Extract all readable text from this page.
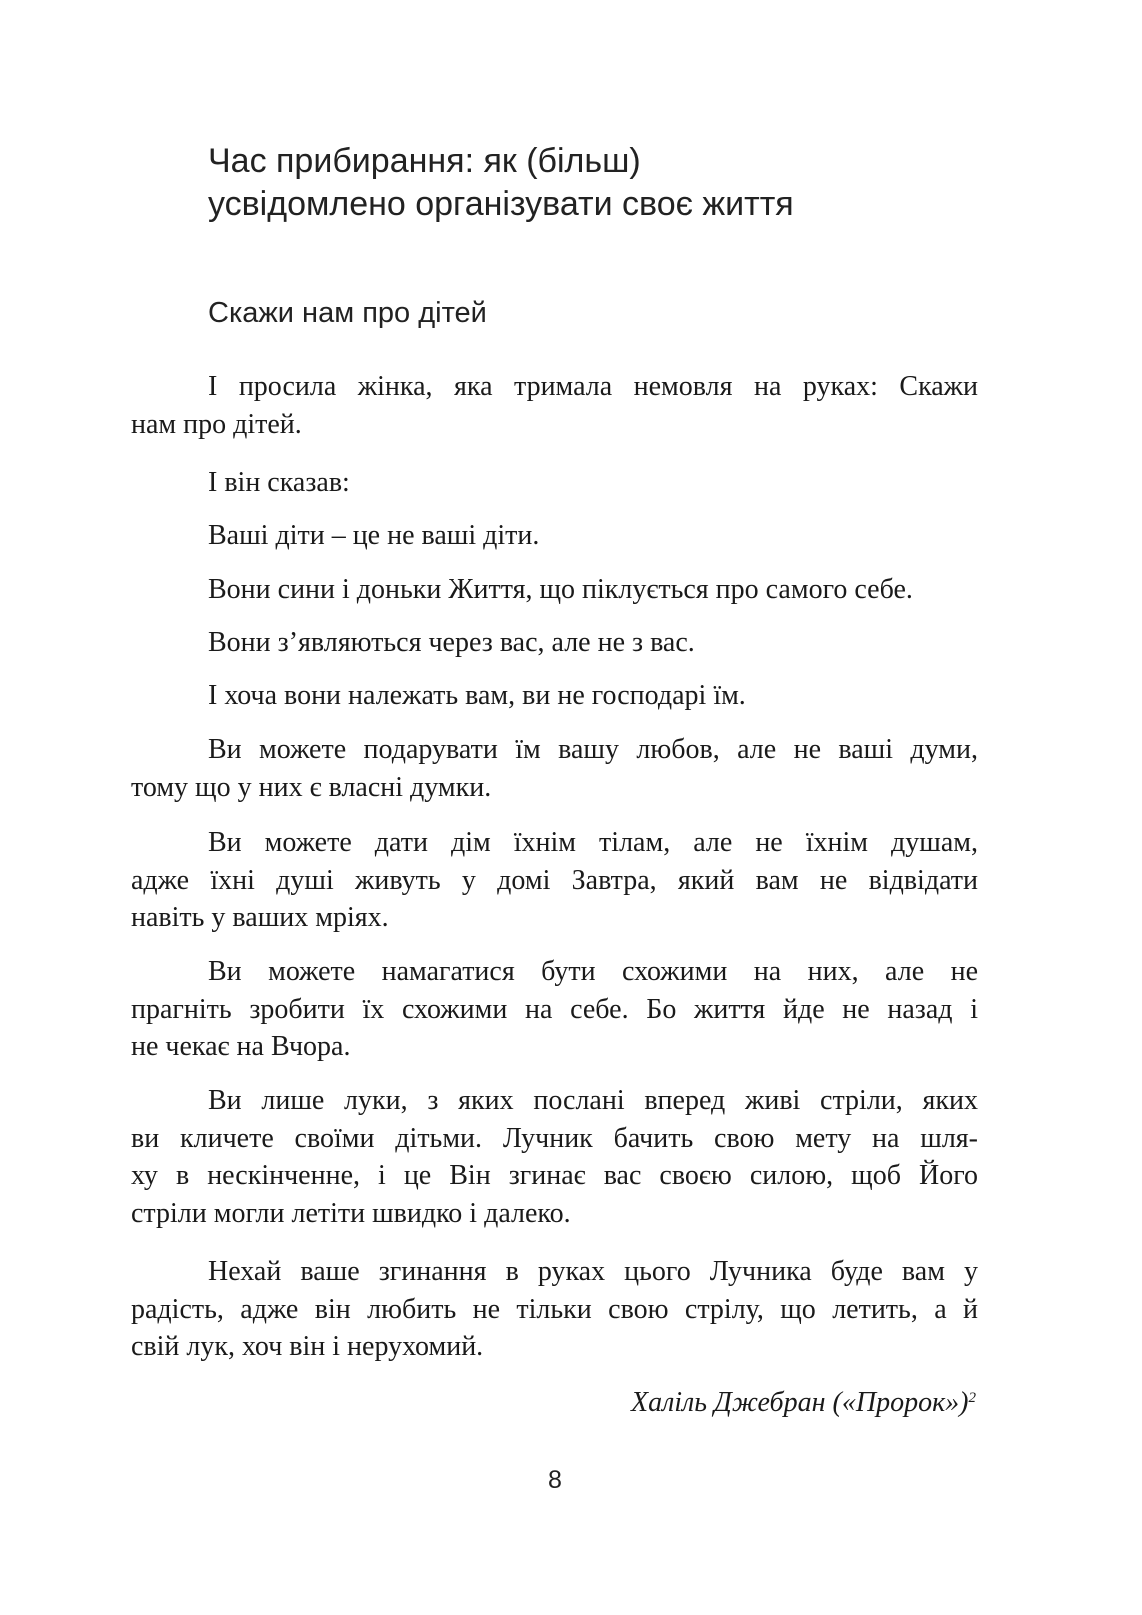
Час прибирання: як (більш)
усвідомлено організувати своє життя
Скажи нам про дітей

І просила жінка, яка тримала немовля на руках: Скажи
нам про дітей.

І він сказав:

Ваші діти – це не ваші діти.

Вони сини і доньки Життя, що піклується про самого себе.

Вони з’являються через вас, але не з вас.

І хоча вони належать вам, ви не господарі їм.

Ви можете подарувати їм вашу любов, але не ваші думи,
тому що у них є власні думки.

Ви можете дати дім їхнім тілам, але не їхнім душам,
адже їхні душі живуть у домі Завтра, який вам не відвідати
навіть у ваших мріях.

Ви можете намагатися бути схожими на них, але не
прагніть зробити їх схожими на себе. Бо життя йде не назад і
не чекає на Вчора.

Ви лише луки, з яких послані вперед живі стріли, яких
ви кличете своїми дітьми. Лучник бачить свою мету на шля-
ху в нескінченне, і це Він згинає вас своєю силою, щоб Його
стріли могли летіти швидко і далеко.

Нехай ваше згинання в руках цього Лучника буде вам у
радість, адже він любить не тільки свою стрілу, що летить, а й
свій лук, хоч він і нерухомий.

Халіль Джебран («Пророк»)$^2$
8
